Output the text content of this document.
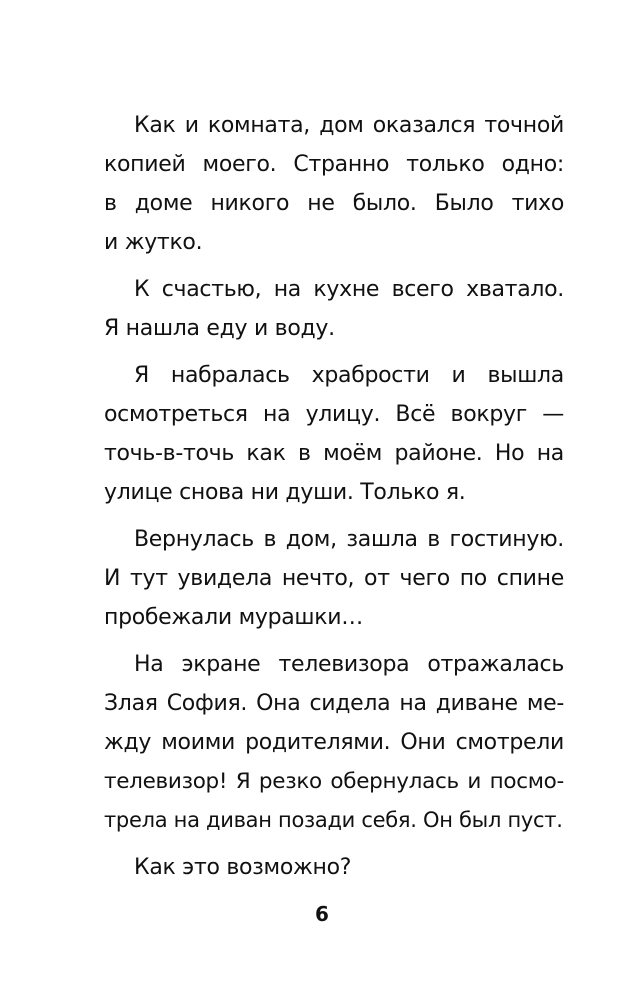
Как и комната, дом оказался точной
копией моего. Странно только одно:
в доме никого не было. Было тихо
и жутко.

К счастью, на кухне всего хватало.
Я нашла еду и воду.

Я набралась храбрости и вышла
осмотреться на улицу. Всё вокруг —
точь-в-точь как в моём районе. Но на
улице снова ни души. Только я.

Вернулась в дом, зашла в гостиную.
И тут увидела нечто, от чего по спине
пробежали мурашки…

На экране телевизора отражалась
Злая София. Она сидела на диване ме-
жду моими родителями. Они смотрели
телевизор! Я резко обернулась и посмо-
трела на диван позади себя. Он был пуст.

Как это возможно?

6
